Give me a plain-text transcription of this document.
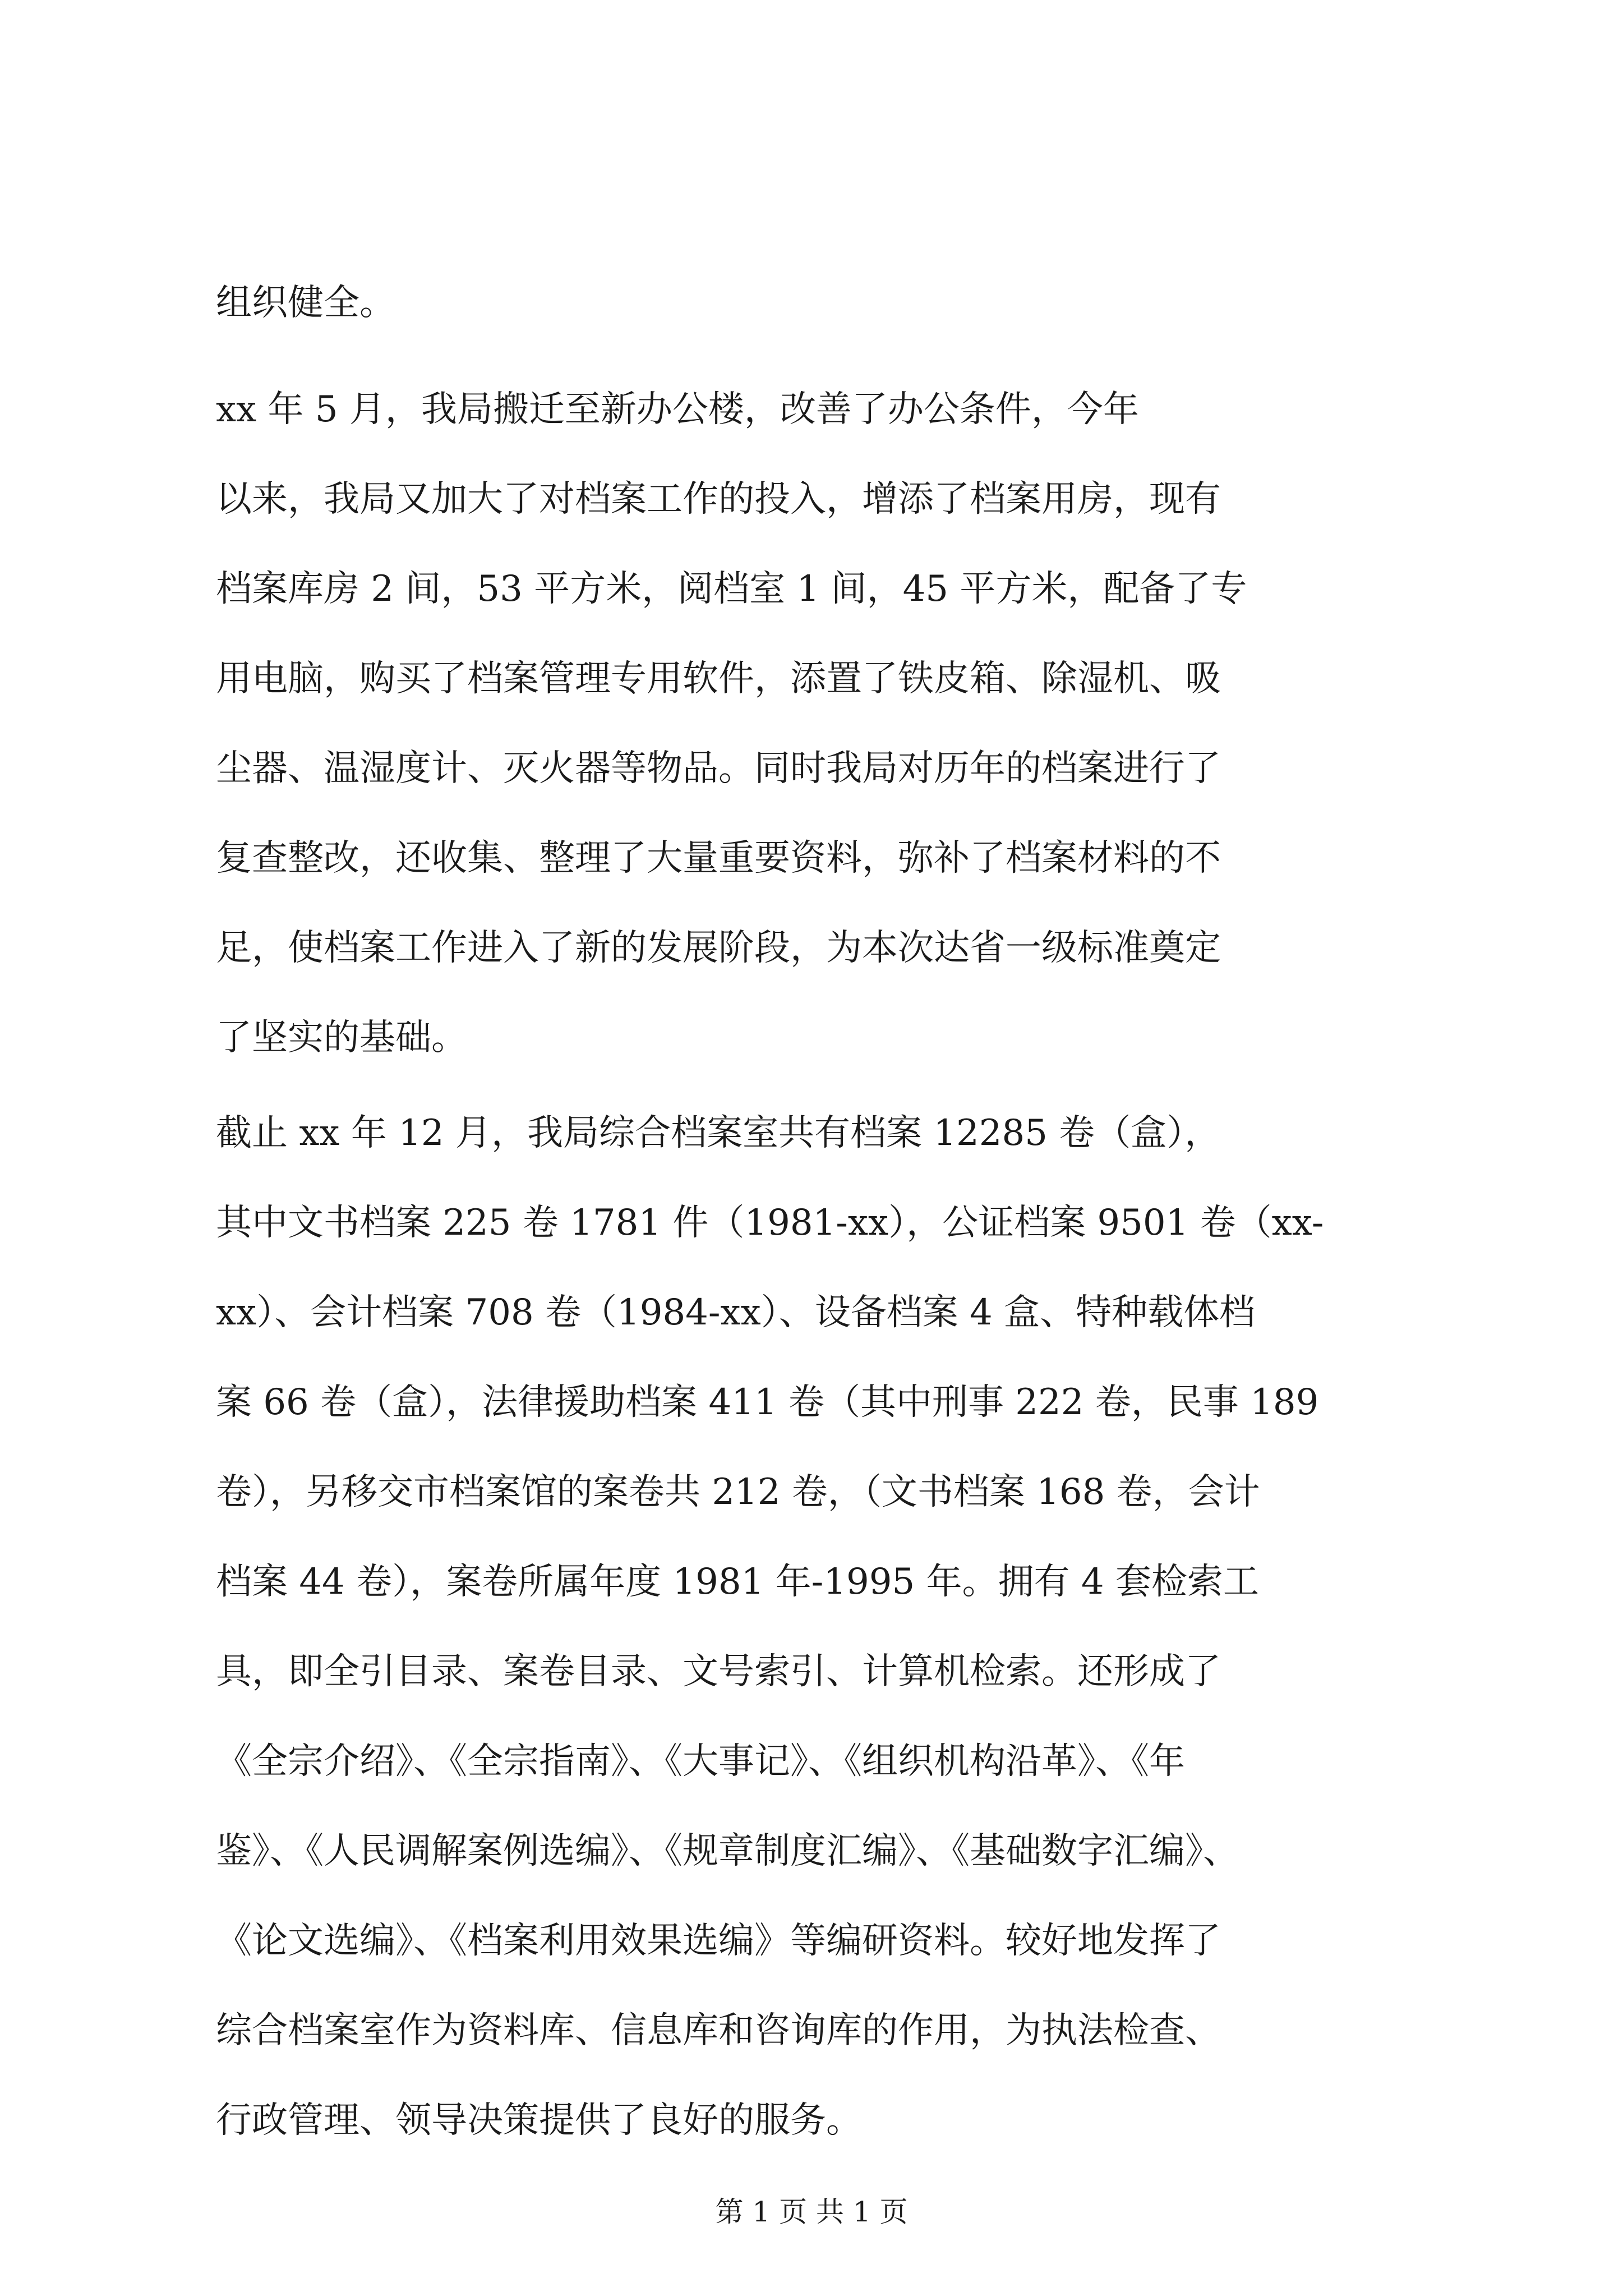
组织健全。
xx 年 5 月，我局搬迁至新办公楼，改善了办公条件，今年
以来，我局又加大了对档案工作的投入，增添了档案用房，现有
档案库房 2 间，53 平方米，阅档室 1 间，45 平方米，配备了专
用电脑，购买了档案管理专用软件，添置了铁皮箱、除湿机、吸
尘器、温湿度计、灭火器等物品。同时我局对历年的档案进行了
复查整改，还收集、整理了大量重要资料，弥补了档案材料的不
足，使档案工作进入了新的发展阶段，为本次达省一级标准奠定
了坚实的基础。
截止 xx 年 12 月，我局综合档案室共有档案 12285 卷（盒），
其中文书档案 225 卷 1781 件（1981-xx），公证档案 9501 卷（xx-
xx）、会计档案 708 卷（1984-xx）、设备档案 4 盒、特种载体档
案 66 卷（盒），法律援助档案 411 卷（其中刑事 222 卷，民事 189
卷），另移交市档案馆的案卷共 212 卷，（文书档案 168 卷，会计
档案 44 卷），案卷所属年度 1981 年-1995 年。拥有 4 套检索工
具，即全引目录、案卷目录、文号索引、计算机检索。还形成了
《全宗介绍》、《全宗指南》、《大事记》、《组织机构沿革》、《年
鉴》、《人民调解案例选编》、《规章制度汇编》、《基础数字汇编》、
《论文选编》、《档案利用效果选编》等编研资料。较好地发挥了
综合档案室作为资料库、信息库和咨询库的作用，为执法检查、
行政管理、领导决策提供了良好的服务。
第 1 页 共 1 页
